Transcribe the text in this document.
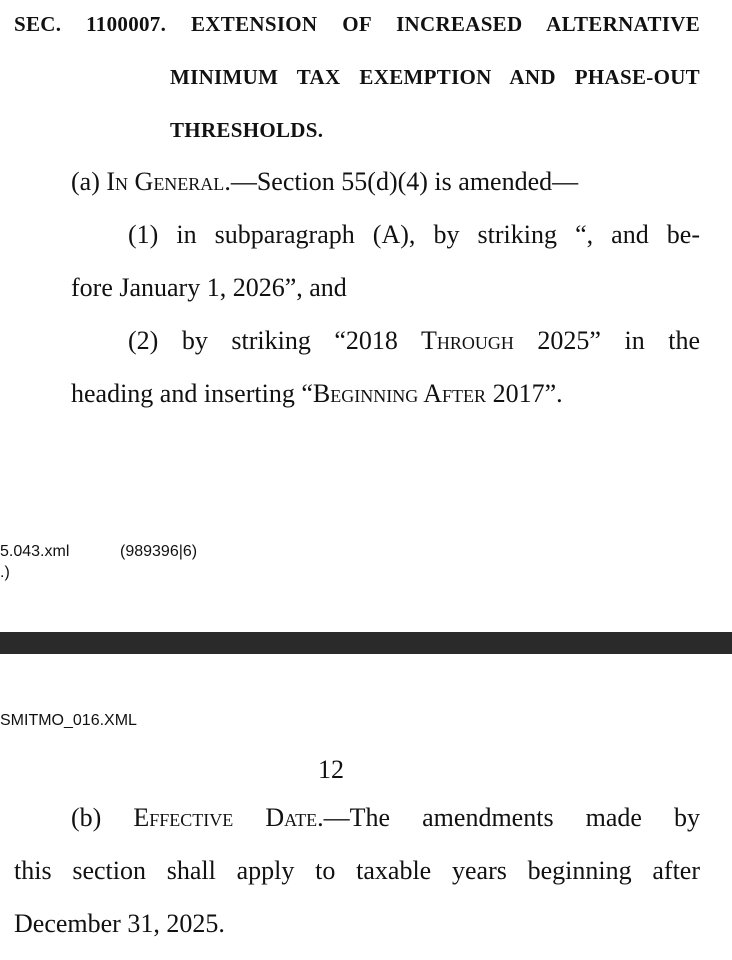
SEC. 1100007. EXTENSION OF INCREASED ALTERNATIVE
MINIMUM TAX EXEMPTION AND PHASE-OUT
THRESHOLDS.
(a) In General.—Section 55(d)(4) is amended—
(1) in subparagraph (A), by striking “, and be-
fore January 1, 2026”, and
(2) by striking “2018 Through 2025” in the
heading and inserting “Beginning After 2017”.
5.043.xml	(989396|6)
.)
SMITMO_016.XML
12
(b) Effective Date.—The amendments made by
this section shall apply to taxable years beginning after
December 31, 2025.
